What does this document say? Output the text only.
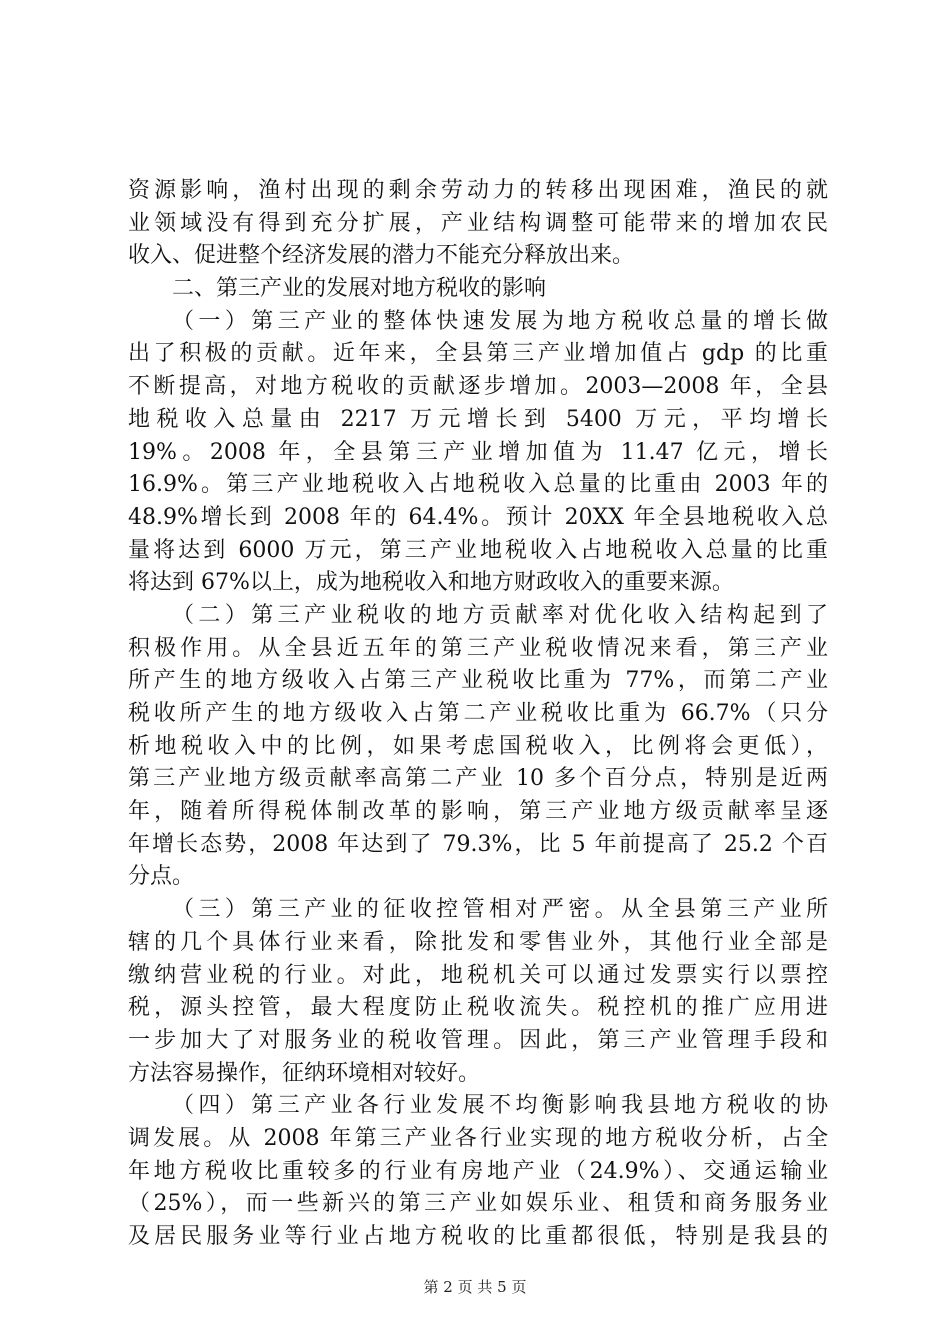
资源影响，渔村出现的剩余劳动力的转移出现困难，渔民的就
业领域没有得到充分扩展，产业结构调整可能带来的增加农民
收入、促进整个经济发展的潜力不能充分释放出来。
二、第三产业的发展对地方税收的影响
（一）第三产业的整体快速发展为地方税收总量的增长做
出了积极的贡献。近年来，全县第三产业增加值占 gdp 的比重
不断提高，对地方税收的贡献逐步增加。2003—2008 年，全县
地税收入总量由 2217 万元增长到 5400 万元，平均增长
19%。2008 年，全县第三产业增加值为 11.47 亿元，增长
16.9%。第三产业地税收入占地税收入总量的比重由 2003 年的
48.9%增长到 2008 年的 64.4%。预计 20XX 年全县地税收入总
量将达到 6000 万元，第三产业地税收入占地税收入总量的比重
将达到 67%以上，成为地税收入和地方财政收入的重要来源。
（二）第三产业税收的地方贡献率对优化收入结构起到了
积极作用。从全县近五年的第三产业税收情况来看，第三产业
所产生的地方级收入占第三产业税收比重为 77%，而第二产业
税收所产生的地方级收入占第二产业税收比重为 66.7%（只分
析地税收入中的比例，如果考虑国税收入，比例将会更低），
第三产业地方级贡献率高第二产业 10 多个百分点，特别是近两
年，随着所得税体制改革的影响，第三产业地方级贡献率呈逐
年增长态势，2008 年达到了 79.3%，比 5 年前提高了 25.2 个百
分点。
（三）第三产业的征收控管相对严密。从全县第三产业所
辖的几个具体行业来看，除批发和零售业外，其他行业全部是
缴纳营业税的行业。对此，地税机关可以通过发票实行以票控
税，源头控管，最大程度防止税收流失。税控机的推广应用进
一步加大了对服务业的税收管理。因此，第三产业管理手段和
方法容易操作，征纳环境相对较好。
（四）第三产业各行业发展不均衡影响我县地方税收的协
调发展。从 2008 年第三产业各行业实现的地方税收分析，占全
年地方税收比重较多的行业有房地产业（24.9%）、交通运输业
（25%），而一些新兴的第三产业如娱乐业、租赁和商务服务业
及居民服务业等行业占地方税收的比重都很低，特别是我县的
第 2 页 共 5 页
